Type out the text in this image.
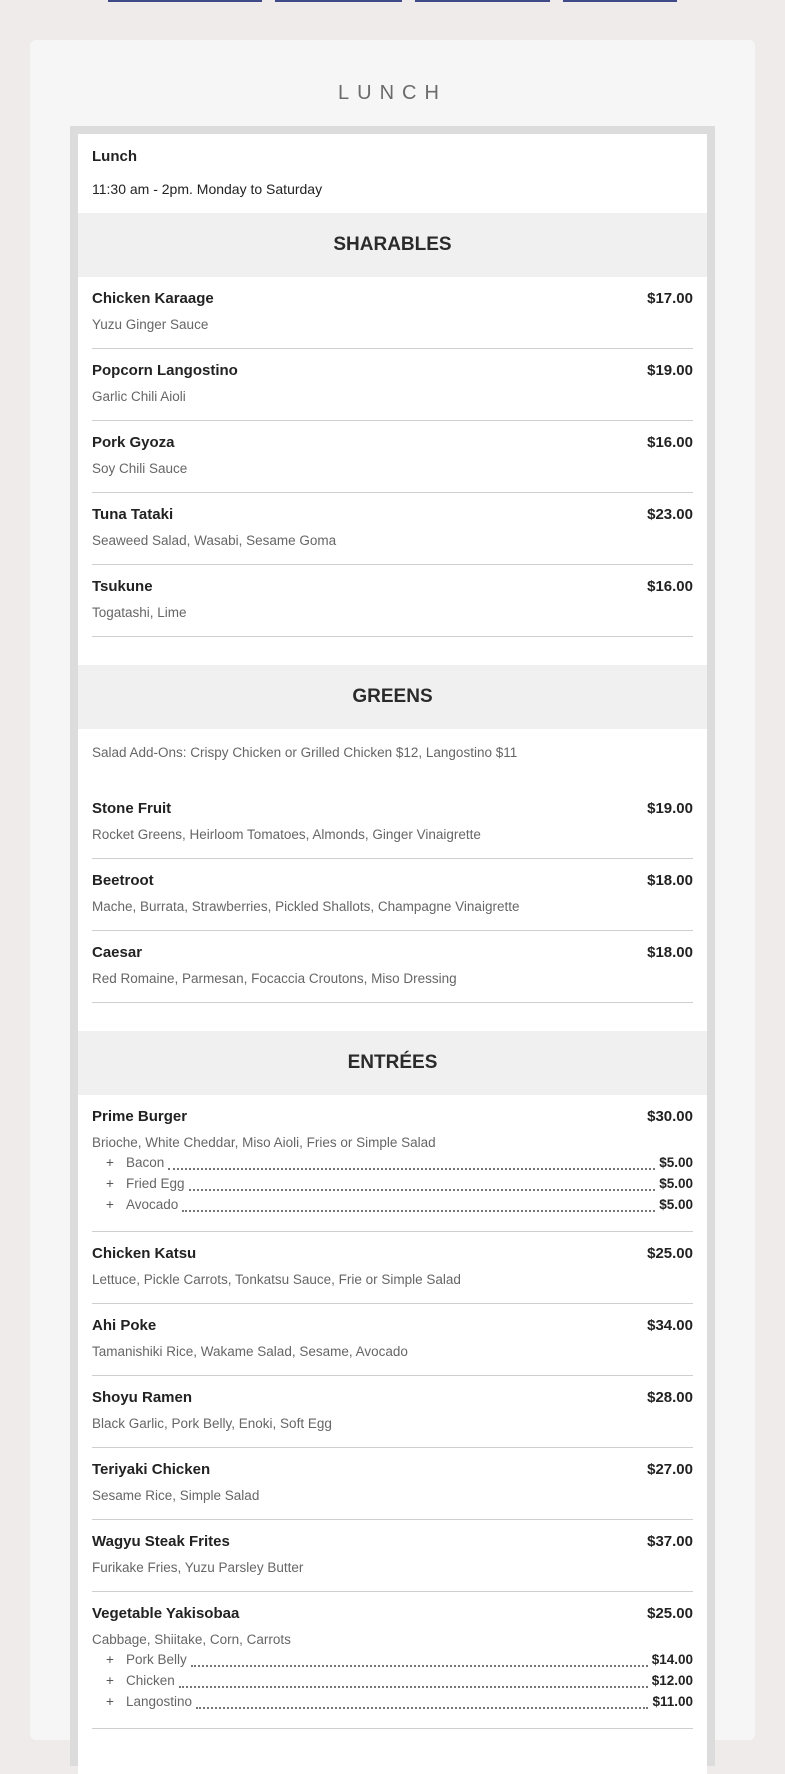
LUNCH
Lunch
11:30 am - 2pm. Monday to Saturday
SHARABLES
Chicken Karaage	$17.00
Yuzu Ginger Sauce
Popcorn Langostino	$19.00
Garlic Chili Aioli
Pork Gyoza	$16.00
Soy Chili Sauce
Tuna Tataki	$23.00
Seaweed Salad, Wasabi, Sesame Goma
Tsukune	$16.00
Togatashi, Lime
GREENS
Salad Add-Ons: Crispy Chicken or Grilled Chicken $12, Langostino $11
Stone Fruit	$19.00
Rocket Greens, Heirloom Tomatoes, Almonds, Ginger Vinaigrette
Beetroot	$18.00
Mache, Burrata, Strawberries, Pickled Shallots, Champagne Vinaigrette
Caesar	$18.00
Red Romaine, Parmesan, Focaccia Croutons, Miso Dressing
ENTRÉES
Prime Burger	$30.00
Brioche, White Cheddar, Miso Aioli, Fries or Simple Salad
+ Bacon	$5.00
+ Fried Egg	$5.00
+ Avocado	$5.00
Chicken Katsu	$25.00
Lettuce, Pickle Carrots, Tonkatsu Sauce, Frie or Simple Salad
Ahi Poke	$34.00
Tamanishiki Rice, Wakame Salad, Sesame, Avocado
Shoyu Ramen	$28.00
Black Garlic, Pork Belly, Enoki, Soft Egg
Teriyaki Chicken	$27.00
Sesame Rice, Simple Salad
Wagyu Steak Frites	$37.00
Furikake Fries, Yuzu Parsley Butter
Vegetable Yakisobaa	$25.00
Cabbage, Shiitake, Corn, Carrots
+ Pork Belly	$14.00
+ Chicken	$12.00
+ Langostino	$11.00
